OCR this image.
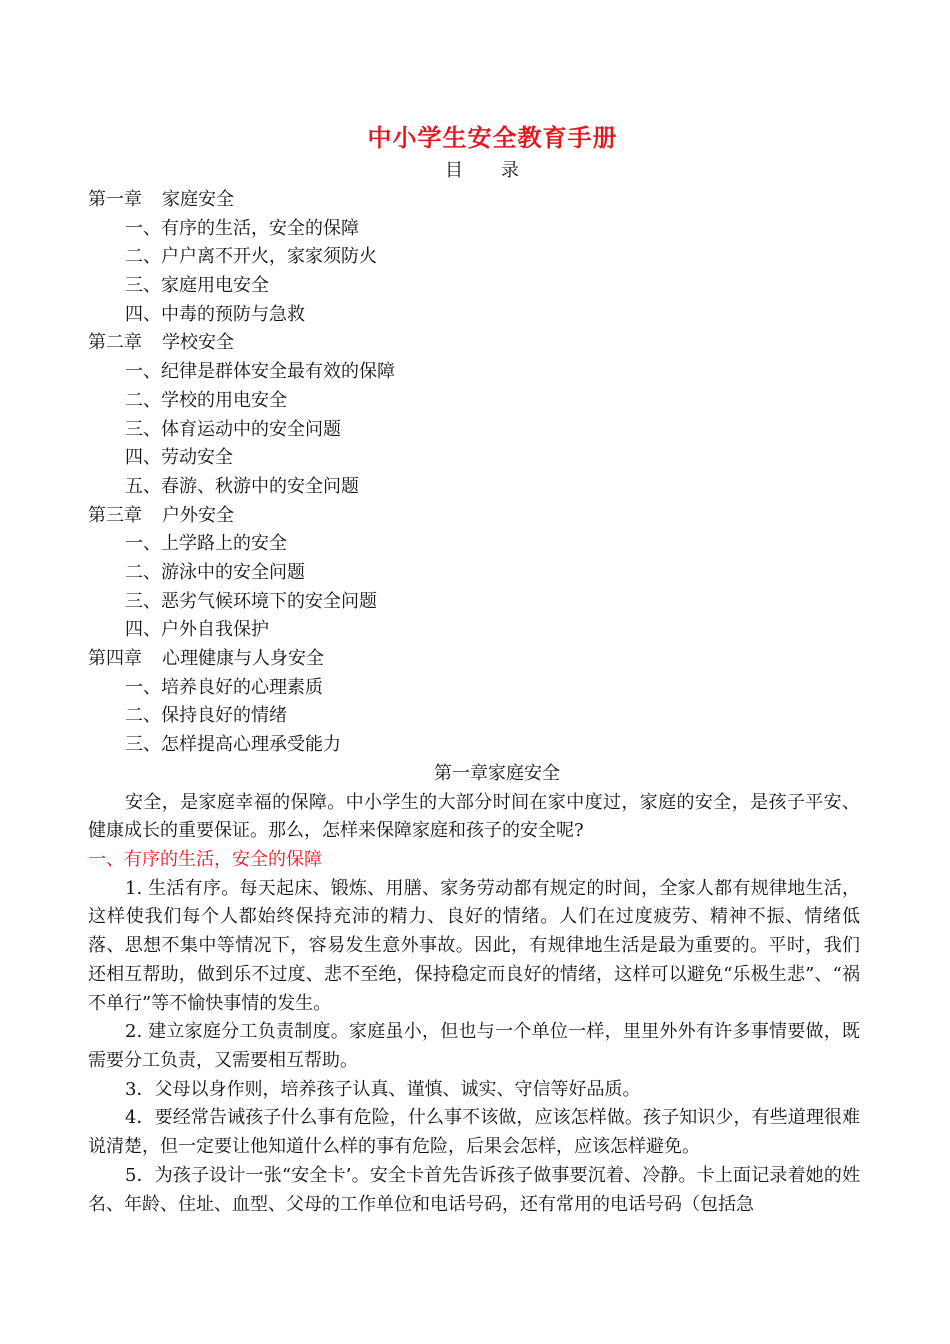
中小学生安全教育手册
目录
第一章 家庭安全
一、有序的生活，安全的保障
二、户户离不开火，家家须防火
三、家庭用电安全
四、中毒的预防与急救
第二章 学校安全
一、纪律是群体安全最有效的保障
二、学校的用电安全
三、体育运动中的安全问题
四、劳动安全
五、春游、秋游中的安全问题
第三章 户外安全
一、上学路上的安全
二、游泳中的安全问题
三、恶劣气候环境下的安全问题
四、户外自我保护
第四章 心理健康与人身安全
一、培养良好的心理素质
二、保持良好的情绪
三、怎样提高心理承受能力
第一章家庭安全

安全，是家庭幸福的保障。中小学生的大部分时间在家中度过，家庭的安全，是孩子平安、健康成长的重要保证。那么，怎样来保障家庭和孩子的安全呢?

一、有序的生活，安全的保障

1. 生活有序。每天起床、锻炼、用膳、家务劳动都有规定的时间，全家人都有规律地生活，这样使我们每个人都始终保持充沛的精力、良好的情绪。人们在过度疲劳、精神不振、情绪低落、思想不集中等情况下，容易发生意外事故。因此，有规律地生活是最为重要的。平时，我们还相互帮助，做到乐不过度、悲不至绝，保持稳定而良好的情绪，这样可以避免“乐极生悲”、“祸不单行”等不愉快事情的发生。

2. 建立家庭分工负责制度。家庭虽小，但也与一个单位一样，里里外外有许多事情要做，既需要分工负责，又需要相互帮助。

3．父母以身作则，培养孩子认真、谨慎、诚实、守信等好品质。

4．要经常告诫孩子什么事有危险，什么事不该做，应该怎样做。孩子知识少，有些道理很难说清楚，但一定要让他知道什么样的事有危险，后果会怎样，应该怎样避免。

5．为孩子设计一张“安全卡’。安全卡首先告诉孩子做事要沉着、冷静。卡上面记录着她的姓名、年龄、住址、血型、父母的工作单位和电话号码，还有常用的电话号码（包括急
